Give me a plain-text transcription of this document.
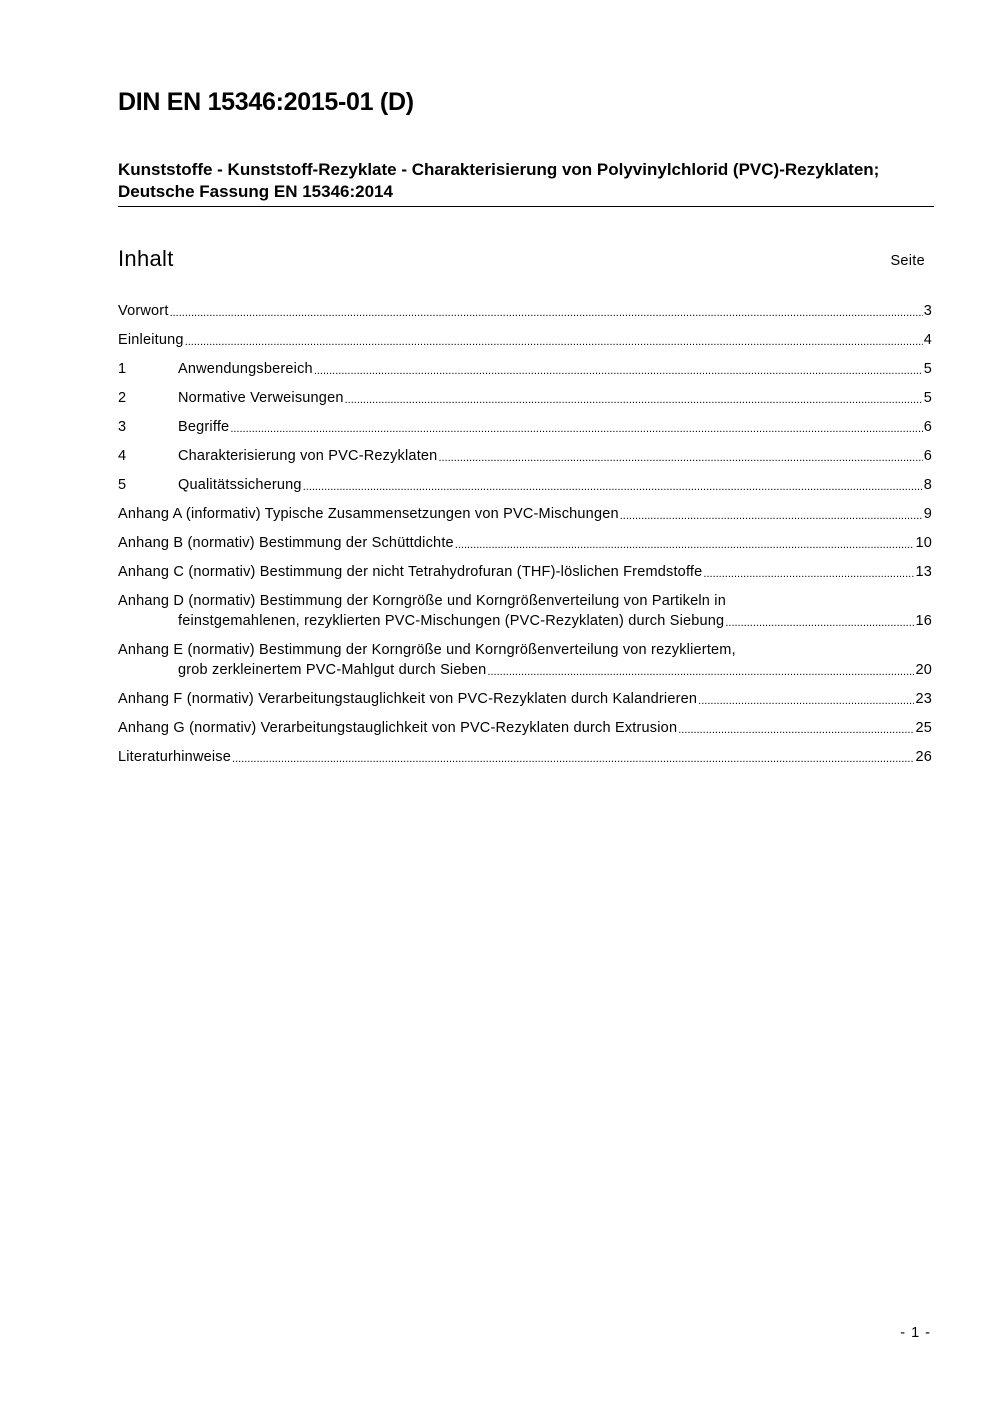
DIN EN 15346:2015-01 (D)
Kunststoffe - Kunststoff-Rezyklate - Charakterisierung von Polyvinylchlorid (PVC)-Rezyklaten; Deutsche Fassung EN 15346:2014
Inhalt	Seite
Vorwort .....	3
Einleitung .....	4
1	Anwendungsbereich .....	5
2	Normative Verweisungen .....	5
3	Begriffe .....	6
4	Charakterisierung von PVC-Rezyklaten .....	6
5	Qualitätssicherung .....	8
Anhang A (informativ) Typische Zusammensetzungen von PVC-Mischungen .....	9
Anhang B (normativ) Bestimmung der Schüttdichte .....	10
Anhang C (normativ) Bestimmung der nicht Tetrahydrofuran (THF)-löslichen Fremdstoffe .....	13
Anhang D (normativ) Bestimmung der Korngröße und Korngrößenverteilung von Partikeln in
feinstgemahlenen, rezyklierten PVC-Mischungen (PVC-Rezyklaten) durch Siebung .....	16
Anhang E (normativ) Bestimmung der Korngröße und Korngrößenverteilung von rezykliertem,
grob zerkleinertem PVC-Mahlgut durch Sieben .....	20
Anhang F (normativ) Verarbeitungstauglichkeit von PVC-Rezyklaten durch Kalandrieren .....	23
Anhang G (normativ) Verarbeitungstauglichkeit von PVC-Rezyklaten durch Extrusion .....	25
Literaturhinweise .....	26
- 1 -
